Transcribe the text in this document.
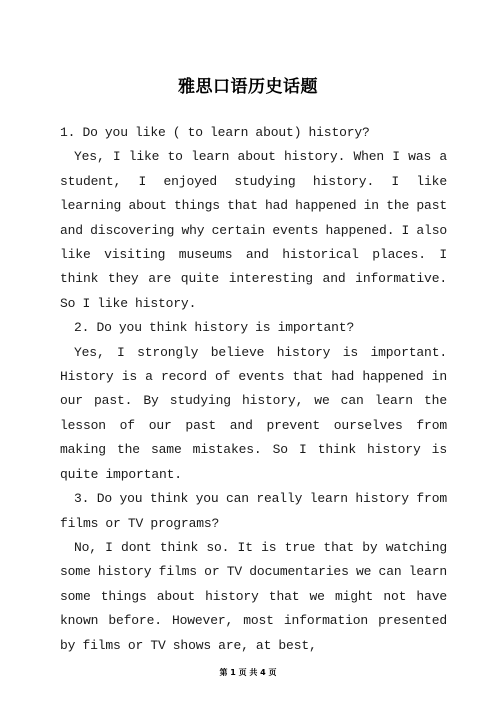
雅思口语历史话题

1. Do you like ( to learn about) history?

Yes, I like to learn about history. When I was a student, I enjoyed studying history. I like learning about things that had happened in the past and discovering why certain events happened. I also like visiting museums and historical places. I think they are quite interesting and informative. So I like history.

2. Do you think history is important?

Yes, I strongly believe history is important. History is a record of events that had happened in our past. By studying history, we can learn the lesson of our past and prevent ourselves from making the same mistakes. So I think history is quite important.

3. Do you think you can really learn history from films or TV programs?

No, I dont think so. It is true that by watching some history films or TV documentaries we can learn some things about history that we might not have known before. However, most information presented by films or TV shows are, at best,

第 1 页 共 4 页
